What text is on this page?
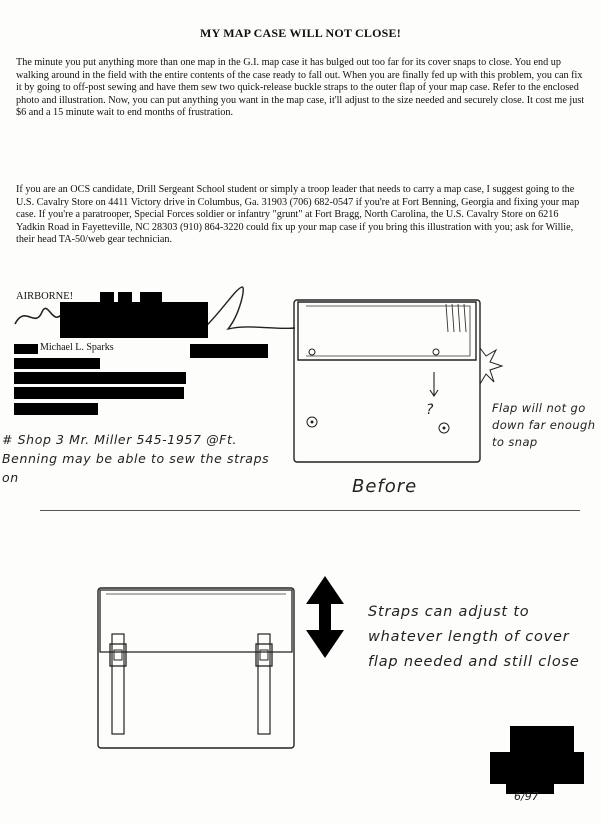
MY MAP CASE WILL NOT CLOSE!
The minute you put anything more than one map in the G.I. map case it has bulged out too far for its cover snaps to close. You end up walking around in the field with the entire contents of the case ready to fall out. When you are finally fed up with this problem, you can fix it by going to off-post sewing and have them sew two quick-release buckle straps to the outer flap of your map case. Refer to the enclosed photo and illustration. Now, you can put anything you want in the map case, it'll adjust to the size needed and securely close. It cost me just $6 and a 15 minute wait to end months of frustration.
If you are an OCS candidate, Drill Sergeant School student or simply a troop leader that needs to carry a map case, I suggest going to the U.S. Cavalry Store on 4411 Victory drive in Columbus, Ga. 31903 (706) 682-0547 if you're at Fort Benning, Georgia and fixing your map case. If you're a paratrooper, Special Forces soldier or infantry "grunt" at Fort Bragg, North Carolina, the U.S. Cavalry Store on 6216 Yadkin Road in Fayetteville, NC 28303 (910) 864-3220 could fix up your map case if you bring this illustration with you; ask for Willie, their head TA-50/web gear technician.
AIRBORNE!
Michael L. Sparks
?	Flap will not go down far enough to snap
# Shop 3 Mr. Miller 545-1957 @Ft. Benning may be able to sew the straps on	Before
Straps can adjust to whatever length of cover flap needed and still close
6/97
